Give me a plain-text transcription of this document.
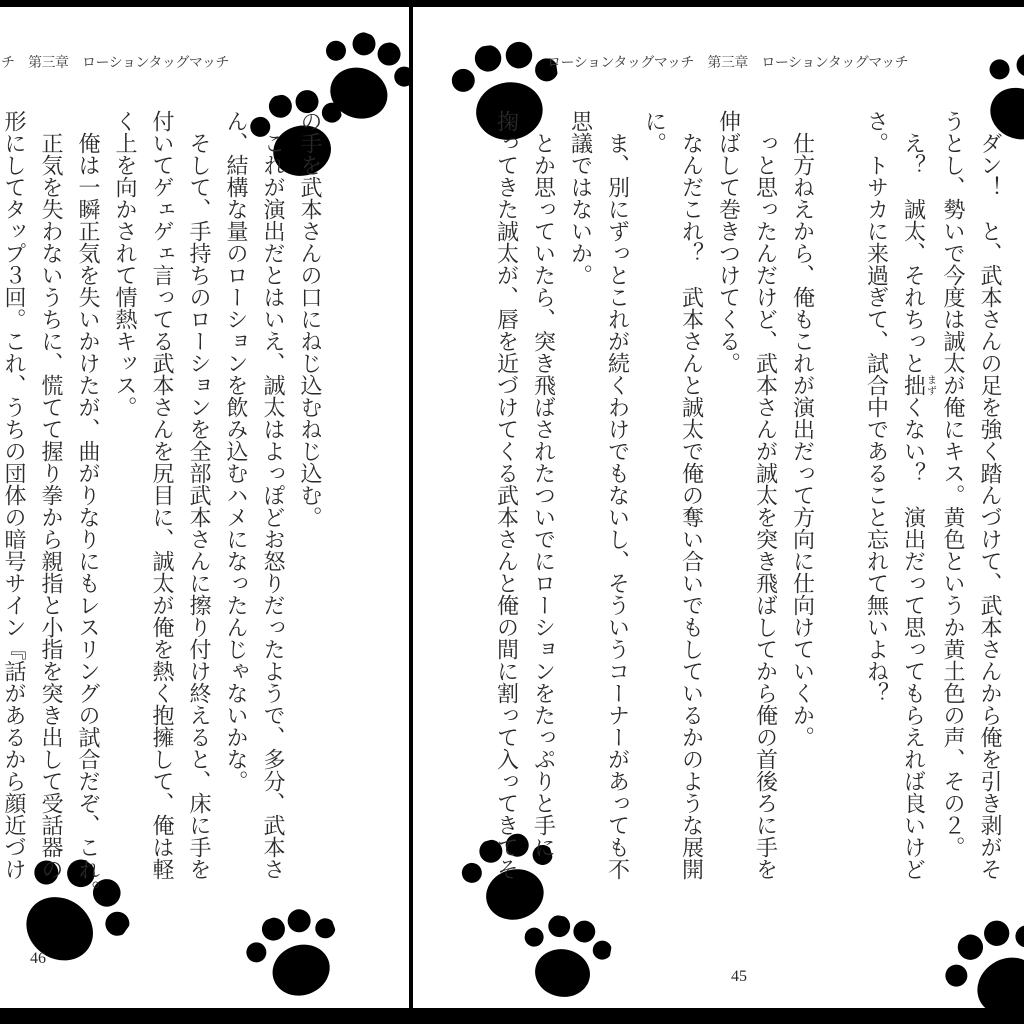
チ　第三章　ローションタッグマッチ

の手を武本さんの口にねじ込むねじ込む。

　これが演出だとはいえ、誠太はよっぽどお怒りだったようで、多分、武本さ

ん、結構な量のローションを飲み込むハメになったんじゃないかな。

　そして、手持ちのローションを全部武本さんに擦り付け終えると、床に手を

付いてゲェゲェ言ってる武本さんを尻目に、誠太が俺を熱く抱擁して、俺は軽

く上を向かされて情熱キッス。

　俺は一瞬正気を失いかけたが、曲がりなりにもレスリングの試合だぞ、これ。

　正気を失わないうちに、慌てて握り拳から親指と小指を突き出して受話器の

形にしてタップ３回。これ、うちの団体の暗号サイン『話があるから顔近づけ

46
ローションタッグマッチ　第三章　ローションタッグマッチ

　ダン！　と、武本さんの足を強く踏んづけて、武本さんから俺を引き剥がそ

うとし、勢いで今度は誠太が俺にキス。黄色というか黄土色の声、その２。

　え？　誠太、それちっと拙まずくない？　演出だって思ってもらえれば良いけど

さ。トサカに来過ぎて、試合中であること忘れて無いよね？

　仕方ねえから、俺もこれが演出だって方向に仕向けていくか。

　っと思ったんだけど、武本さんが誠太を突き飛ばしてから俺の首後ろに手を

伸ばして巻きつけてくる。

　なんだこれ？　武本さんと誠太で俺の奪い合いでもしているかのような展開

に。

　ま、別にずっとこれが続くわけでもないし、そういうコーナーがあっても不

思議ではないか。

　とか思っていたら、突き飛ばされたついでにローションをたっぷりと手に

掬ってきた誠太が、唇を近づけてくる武本さんと俺の間に割って入ってきてそ

45
